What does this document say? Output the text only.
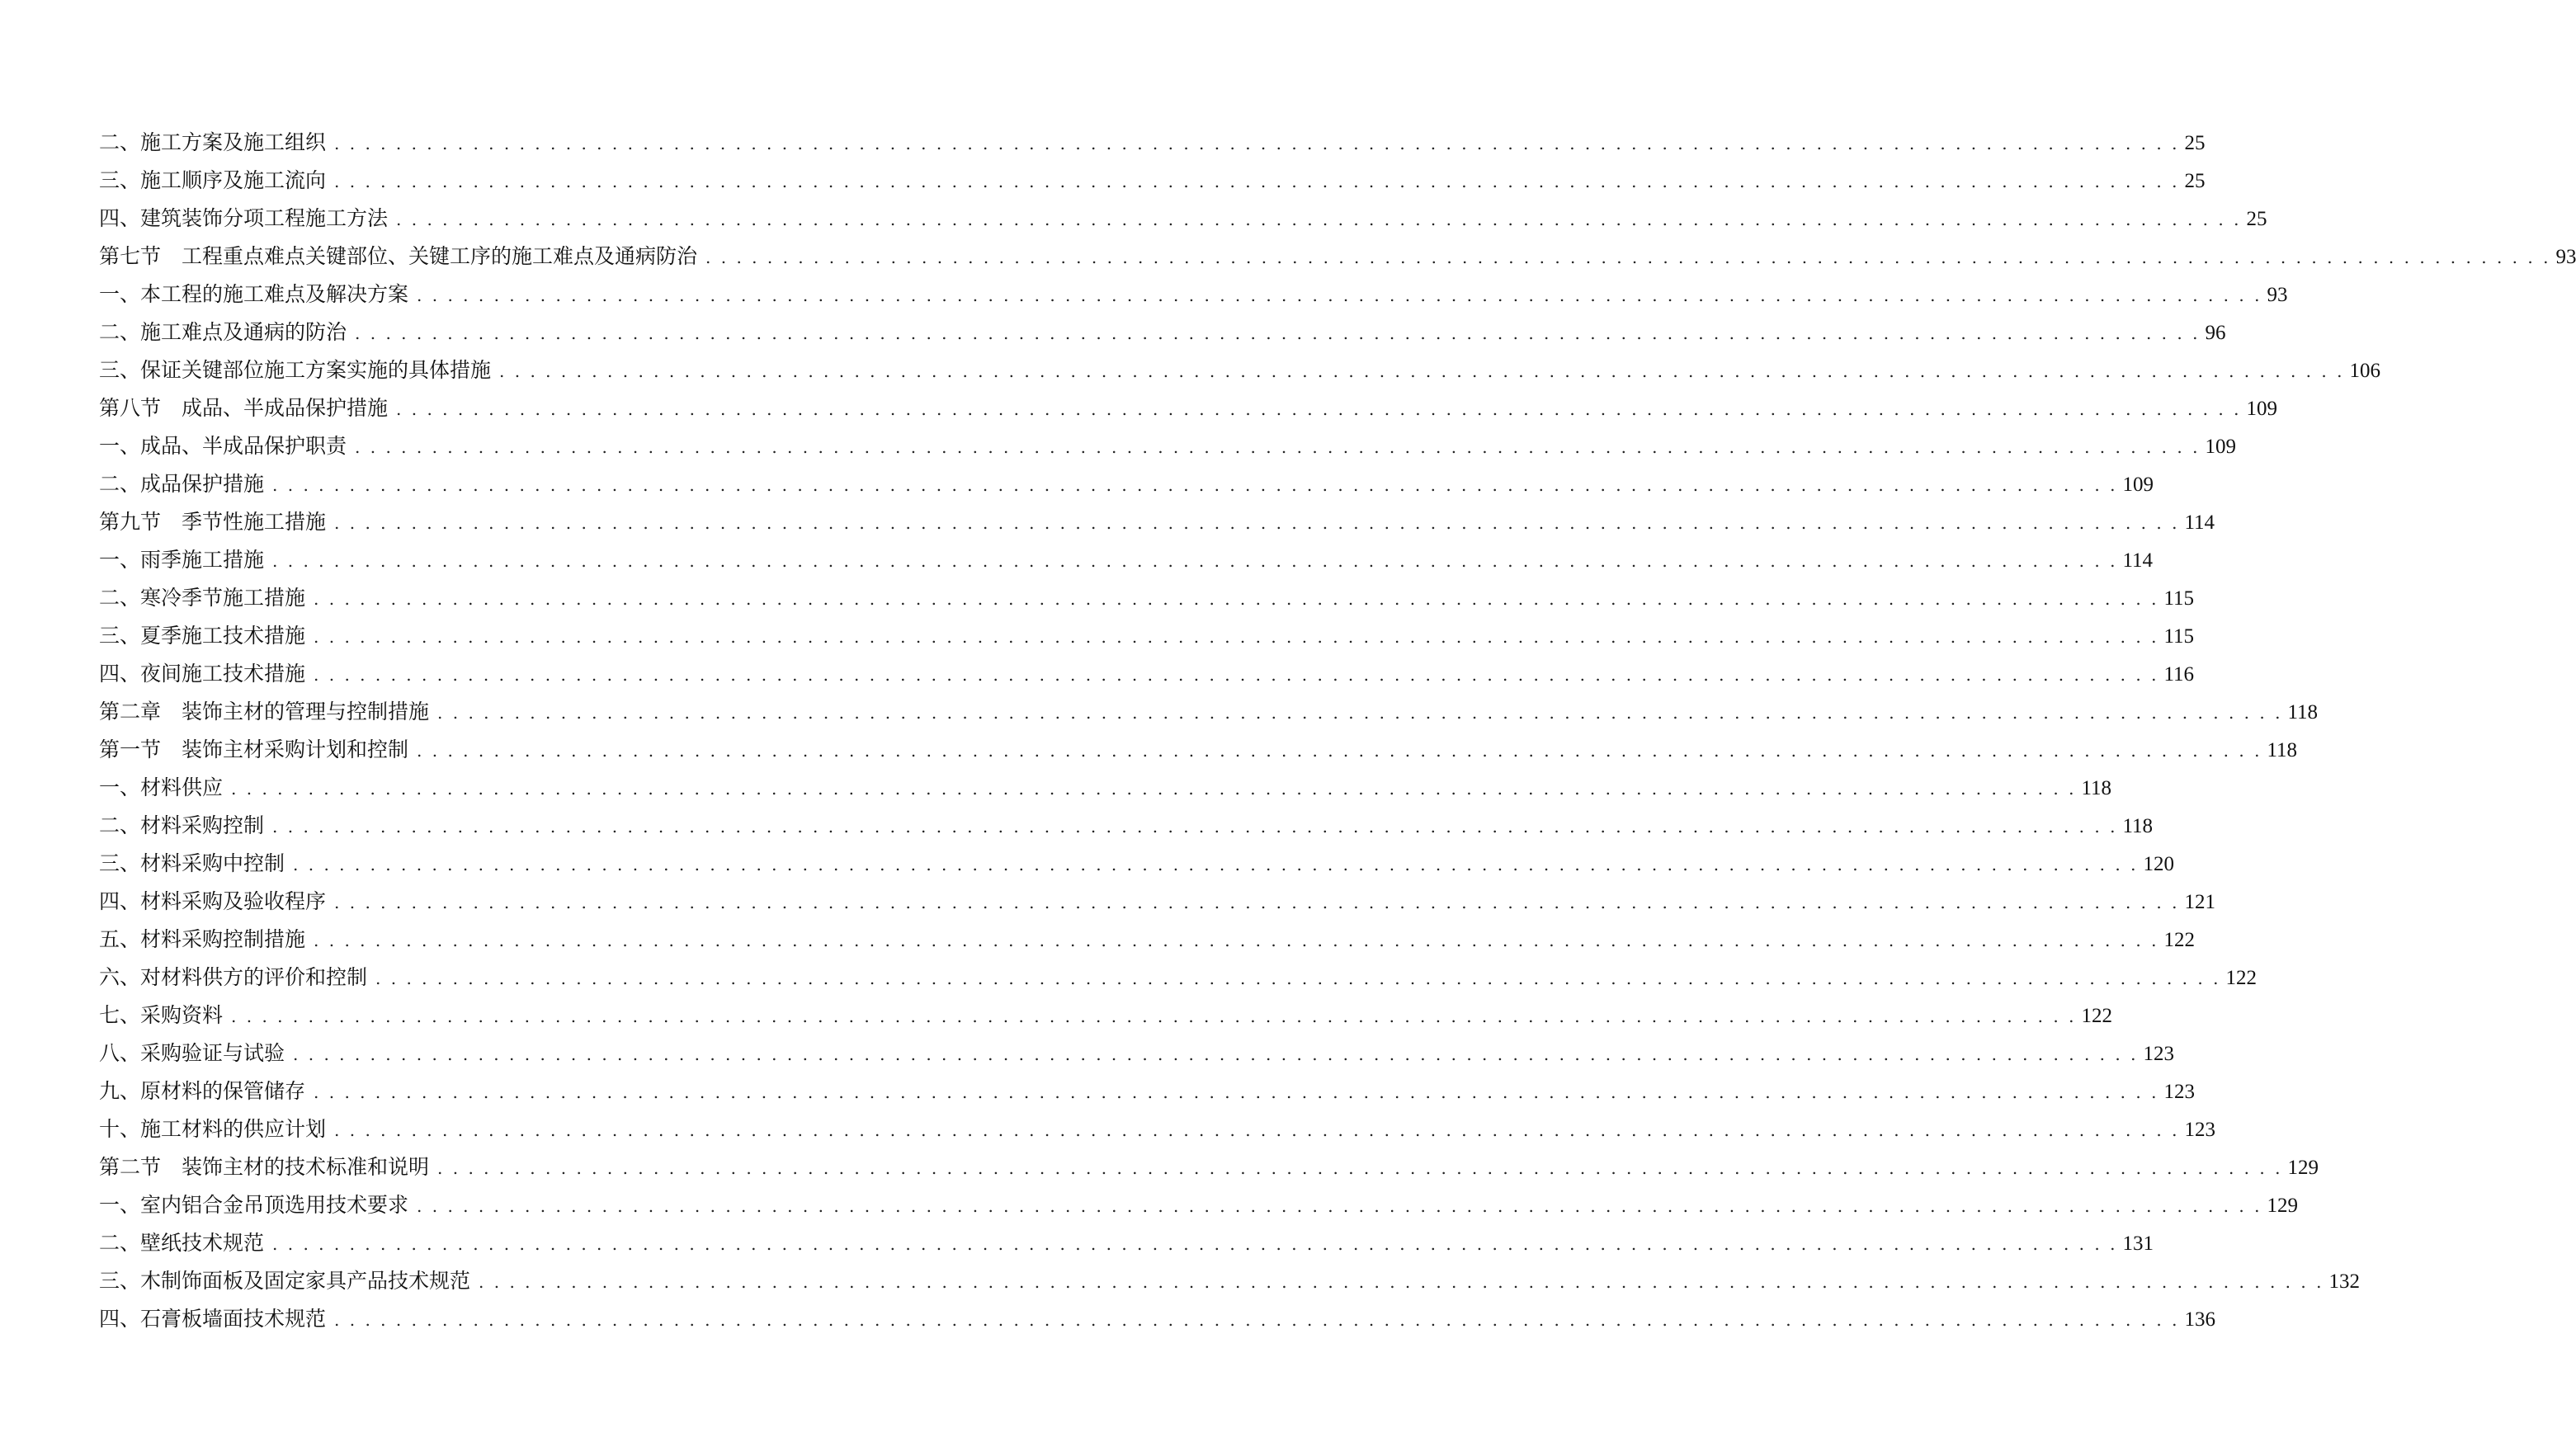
二、施工方案及施工组织 . . . . . . . . . . . . . . . . . . . . . . . . . . . . . . . . . . . . . . . . . . . . . . . . . . . . . . . . . . . . . . . . . . . . . . . . . . . . . . . . . . . . . . . . . . . . . . . . . . . . . . . . . . . . . . . . . . . . . . . . 25
三、施工顺序及施工流向 . . . . . . . . . . . . . . . . . . . . . . . . . . . . . . . . . . . . . . . . . . . . . . . . . . . . . . . . . . . . . . . . . . . . . . . . . . . . . . . . . . . . . . . . . . . . . . . . . . . . . . . . . . . . . . . . . . . . . . . . 25
四、建筑装饰分项工程施工方法 . . . . . . . . . . . . . . . . . . . . . . . . . . . . . . . . . . . . . . . . . . . . . . . . . . . . . . . . . . . . . . . . . . . . . . . . . . . . . . . . . . . . . . . . . . . . . . . . . . . . . . . . . . . . . . . . . . . . . . . . 25
第七节　工程重点难点关键部位、关键工序的施工难点及通病防治 . . . . . . . . . . . . . . . . . . . . . . . . . . . . . . . . . . . . . . . . . . . . . . . . . . . . . . . . . . . . . . . . . . . . . . . . . . . . . . . . . . . . . . . . . . . . . . . . . . . . . . . . . . . . . . . . . . . . . . . . 93
一、本工程的施工难点及解决方案 . . . . . . . . . . . . . . . . . . . . . . . . . . . . . . . . . . . . . . . . . . . . . . . . . . . . . . . . . . . . . . . . . . . . . . . . . . . . . . . . . . . . . . . . . . . . . . . . . . . . . . . . . . . . . . . . . . . . . . . . 93
二、施工难点及通病的防治 . . . . . . . . . . . . . . . . . . . . . . . . . . . . . . . . . . . . . . . . . . . . . . . . . . . . . . . . . . . . . . . . . . . . . . . . . . . . . . . . . . . . . . . . . . . . . . . . . . . . . . . . . . . . . . . . . . . . . . . . 96
三、保证关键部位施工方案实施的具体措施 . . . . . . . . . . . . . . . . . . . . . . . . . . . . . . . . . . . . . . . . . . . . . . . . . . . . . . . . . . . . . . . . . . . . . . . . . . . . . . . . . . . . . . . . . . . . . . . . . . . . . . . . . . . . . . . . . . . . . . . . 106
第八节　成品、半成品保护措施 . . . . . . . . . . . . . . . . . . . . . . . . . . . . . . . . . . . . . . . . . . . . . . . . . . . . . . . . . . . . . . . . . . . . . . . . . . . . . . . . . . . . . . . . . . . . . . . . . . . . . . . . . . . . . . . . . . . . . . . . 109
一、成品、半成品保护职责 . . . . . . . . . . . . . . . . . . . . . . . . . . . . . . . . . . . . . . . . . . . . . . . . . . . . . . . . . . . . . . . . . . . . . . . . . . . . . . . . . . . . . . . . . . . . . . . . . . . . . . . . . . . . . . . . . . . . . . . . 109
二、成品保护措施 . . . . . . . . . . . . . . . . . . . . . . . . . . . . . . . . . . . . . . . . . . . . . . . . . . . . . . . . . . . . . . . . . . . . . . . . . . . . . . . . . . . . . . . . . . . . . . . . . . . . . . . . . . . . . . . . . . . . . . . . 109
第九节　季节性施工措施 . . . . . . . . . . . . . . . . . . . . . . . . . . . . . . . . . . . . . . . . . . . . . . . . . . . . . . . . . . . . . . . . . . . . . . . . . . . . . . . . . . . . . . . . . . . . . . . . . . . . . . . . . . . . . . . . . . . . . . . . 114
一、雨季施工措施 . . . . . . . . . . . . . . . . . . . . . . . . . . . . . . . . . . . . . . . . . . . . . . . . . . . . . . . . . . . . . . . . . . . . . . . . . . . . . . . . . . . . . . . . . . . . . . . . . . . . . . . . . . . . . . . . . . . . . . . . 114
二、寒冷季节施工措施 . . . . . . . . . . . . . . . . . . . . . . . . . . . . . . . . . . . . . . . . . . . . . . . . . . . . . . . . . . . . . . . . . . . . . . . . . . . . . . . . . . . . . . . . . . . . . . . . . . . . . . . . . . . . . . . . . . . . . . . . 115
三、夏季施工技术措施 . . . . . . . . . . . . . . . . . . . . . . . . . . . . . . . . . . . . . . . . . . . . . . . . . . . . . . . . . . . . . . . . . . . . . . . . . . . . . . . . . . . . . . . . . . . . . . . . . . . . . . . . . . . . . . . . . . . . . . . . 115
四、夜间施工技术措施 . . . . . . . . . . . . . . . . . . . . . . . . . . . . . . . . . . . . . . . . . . . . . . . . . . . . . . . . . . . . . . . . . . . . . . . . . . . . . . . . . . . . . . . . . . . . . . . . . . . . . . . . . . . . . . . . . . . . . . . . 116
第二章　装饰主材的管理与控制措施 . . . . . . . . . . . . . . . . . . . . . . . . . . . . . . . . . . . . . . . . . . . . . . . . . . . . . . . . . . . . . . . . . . . . . . . . . . . . . . . . . . . . . . . . . . . . . . . . . . . . . . . . . . . . . . . . . . . . . . . . 118
第一节　装饰主材采购计划和控制 . . . . . . . . . . . . . . . . . . . . . . . . . . . . . . . . . . . . . . . . . . . . . . . . . . . . . . . . . . . . . . . . . . . . . . . . . . . . . . . . . . . . . . . . . . . . . . . . . . . . . . . . . . . . . . . . . . . . . . . . 118
一、材料供应 . . . . . . . . . . . . . . . . . . . . . . . . . . . . . . . . . . . . . . . . . . . . . . . . . . . . . . . . . . . . . . . . . . . . . . . . . . . . . . . . . . . . . . . . . . . . . . . . . . . . . . . . . . . . . . . . . . . . . . . . 118
二、材料采购控制 . . . . . . . . . . . . . . . . . . . . . . . . . . . . . . . . . . . . . . . . . . . . . . . . . . . . . . . . . . . . . . . . . . . . . . . . . . . . . . . . . . . . . . . . . . . . . . . . . . . . . . . . . . . . . . . . . . . . . . . . 118
三、材料采购中控制 . . . . . . . . . . . . . . . . . . . . . . . . . . . . . . . . . . . . . . . . . . . . . . . . . . . . . . . . . . . . . . . . . . . . . . . . . . . . . . . . . . . . . . . . . . . . . . . . . . . . . . . . . . . . . . . . . . . . . . . . 120
四、材料采购及验收程序 . . . . . . . . . . . . . . . . . . . . . . . . . . . . . . . . . . . . . . . . . . . . . . . . . . . . . . . . . . . . . . . . . . . . . . . . . . . . . . . . . . . . . . . . . . . . . . . . . . . . . . . . . . . . . . . . . . . . . . . . 121
五、材料采购控制措施 . . . . . . . . . . . . . . . . . . . . . . . . . . . . . . . . . . . . . . . . . . . . . . . . . . . . . . . . . . . . . . . . . . . . . . . . . . . . . . . . . . . . . . . . . . . . . . . . . . . . . . . . . . . . . . . . . . . . . . . . 122
六、对材料供方的评价和控制 . . . . . . . . . . . . . . . . . . . . . . . . . . . . . . . . . . . . . . . . . . . . . . . . . . . . . . . . . . . . . . . . . . . . . . . . . . . . . . . . . . . . . . . . . . . . . . . . . . . . . . . . . . . . . . . . . . . . . . . . 122
七、采购资料 . . . . . . . . . . . . . . . . . . . . . . . . . . . . . . . . . . . . . . . . . . . . . . . . . . . . . . . . . . . . . . . . . . . . . . . . . . . . . . . . . . . . . . . . . . . . . . . . . . . . . . . . . . . . . . . . . . . . . . . . 122
八、采购验证与试验 . . . . . . . . . . . . . . . . . . . . . . . . . . . . . . . . . . . . . . . . . . . . . . . . . . . . . . . . . . . . . . . . . . . . . . . . . . . . . . . . . . . . . . . . . . . . . . . . . . . . . . . . . . . . . . . . . . . . . . . . 123
九、原材料的保管储存 . . . . . . . . . . . . . . . . . . . . . . . . . . . . . . . . . . . . . . . . . . . . . . . . . . . . . . . . . . . . . . . . . . . . . . . . . . . . . . . . . . . . . . . . . . . . . . . . . . . . . . . . . . . . . . . . . . . . . . . . 123
十、施工材料的供应计划 . . . . . . . . . . . . . . . . . . . . . . . . . . . . . . . . . . . . . . . . . . . . . . . . . . . . . . . . . . . . . . . . . . . . . . . . . . . . . . . . . . . . . . . . . . . . . . . . . . . . . . . . . . . . . . . . . . . . . . . . 123
第二节　装饰主材的技术标准和说明 . . . . . . . . . . . . . . . . . . . . . . . . . . . . . . . . . . . . . . . . . . . . . . . . . . . . . . . . . . . . . . . . . . . . . . . . . . . . . . . . . . . . . . . . . . . . . . . . . . . . . . . . . . . . . . . . . . . . . . . . 129
一、室内铝合金吊顶选用技术要求 . . . . . . . . . . . . . . . . . . . . . . . . . . . . . . . . . . . . . . . . . . . . . . . . . . . . . . . . . . . . . . . . . . . . . . . . . . . . . . . . . . . . . . . . . . . . . . . . . . . . . . . . . . . . . . . . . . . . . . . . 129
二、壁纸技术规范 . . . . . . . . . . . . . . . . . . . . . . . . . . . . . . . . . . . . . . . . . . . . . . . . . . . . . . . . . . . . . . . . . . . . . . . . . . . . . . . . . . . . . . . . . . . . . . . . . . . . . . . . . . . . . . . . . . . . . . . . 131
三、木制饰面板及固定家具产品技术规范 . . . . . . . . . . . . . . . . . . . . . . . . . . . . . . . . . . . . . . . . . . . . . . . . . . . . . . . . . . . . . . . . . . . . . . . . . . . . . . . . . . . . . . . . . . . . . . . . . . . . . . . . . . . . . . . . . . . . . . . . 132
四、石膏板墙面技术规范 . . . . . . . . . . . . . . . . . . . . . . . . . . . . . . . . . . . . . . . . . . . . . . . . . . . . . . . . . . . . . . . . . . . . . . . . . . . . . . . . . . . . . . . . . . . . . . . . . . . . . . . . . . . . . . . . . . . . . . . . 136
